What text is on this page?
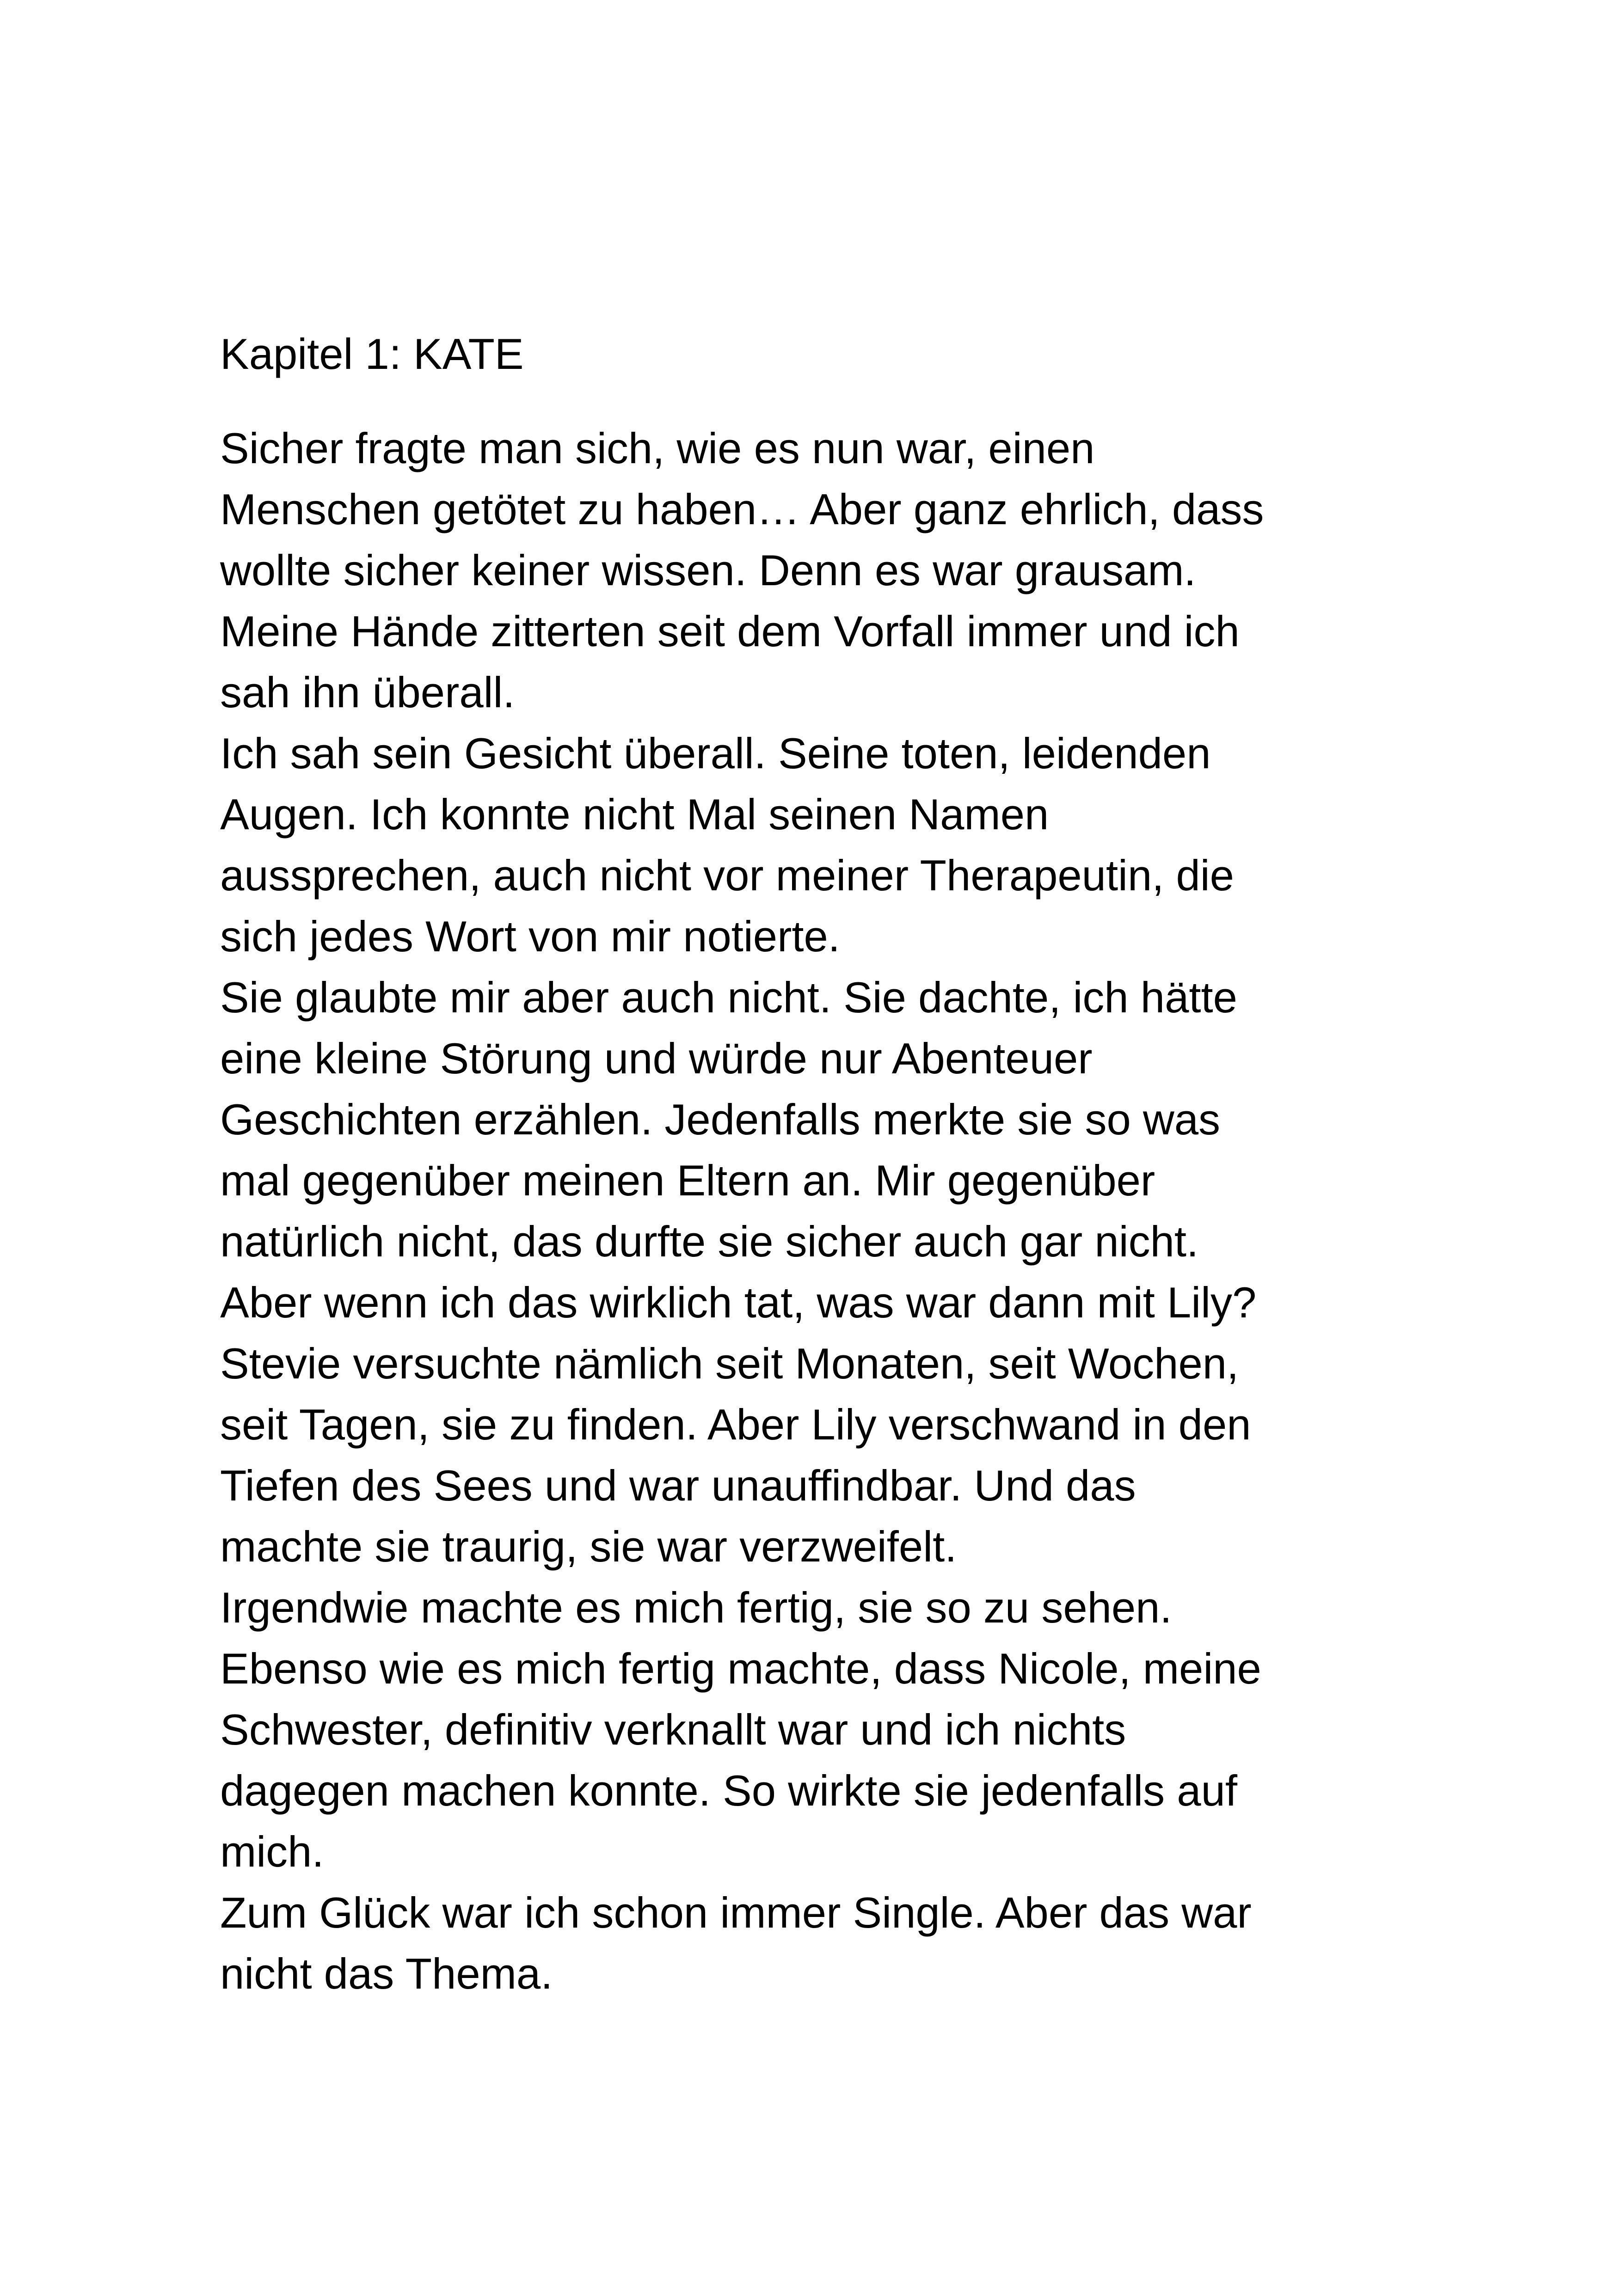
Kapitel 1: KATE
Sicher fragte man sich, wie es nun war, einen
Menschen getötet zu haben… Aber ganz ehrlich, dass
wollte sicher keiner wissen. Denn es war grausam.
Meine Hände zitterten seit dem Vorfall immer und ich
sah ihn überall.
Ich sah sein Gesicht überall. Seine toten, leidenden
Augen. Ich konnte nicht Mal seinen Namen
aussprechen, auch nicht vor meiner Therapeutin, die
sich jedes Wort von mir notierte.
Sie glaubte mir aber auch nicht. Sie dachte, ich hätte
eine kleine Störung und würde nur Abenteuer
Geschichten erzählen. Jedenfalls merkte sie so was
mal gegenüber meinen Eltern an. Mir gegenüber
natürlich nicht, das durfte sie sicher auch gar nicht.
Aber wenn ich das wirklich tat, was war dann mit Lily?
Stevie versuchte nämlich seit Monaten, seit Wochen,
seit Tagen, sie zu finden. Aber Lily verschwand in den
Tiefen des Sees und war unauffindbar. Und das
machte sie traurig, sie war verzweifelt.
Irgendwie machte es mich fertig, sie so zu sehen.
Ebenso wie es mich fertig machte, dass Nicole, meine
Schwester, definitiv verknallt war und ich nichts
dagegen machen konnte. So wirkte sie jedenfalls auf
mich.
Zum Glück war ich schon immer Single. Aber das war
nicht das Thema.
